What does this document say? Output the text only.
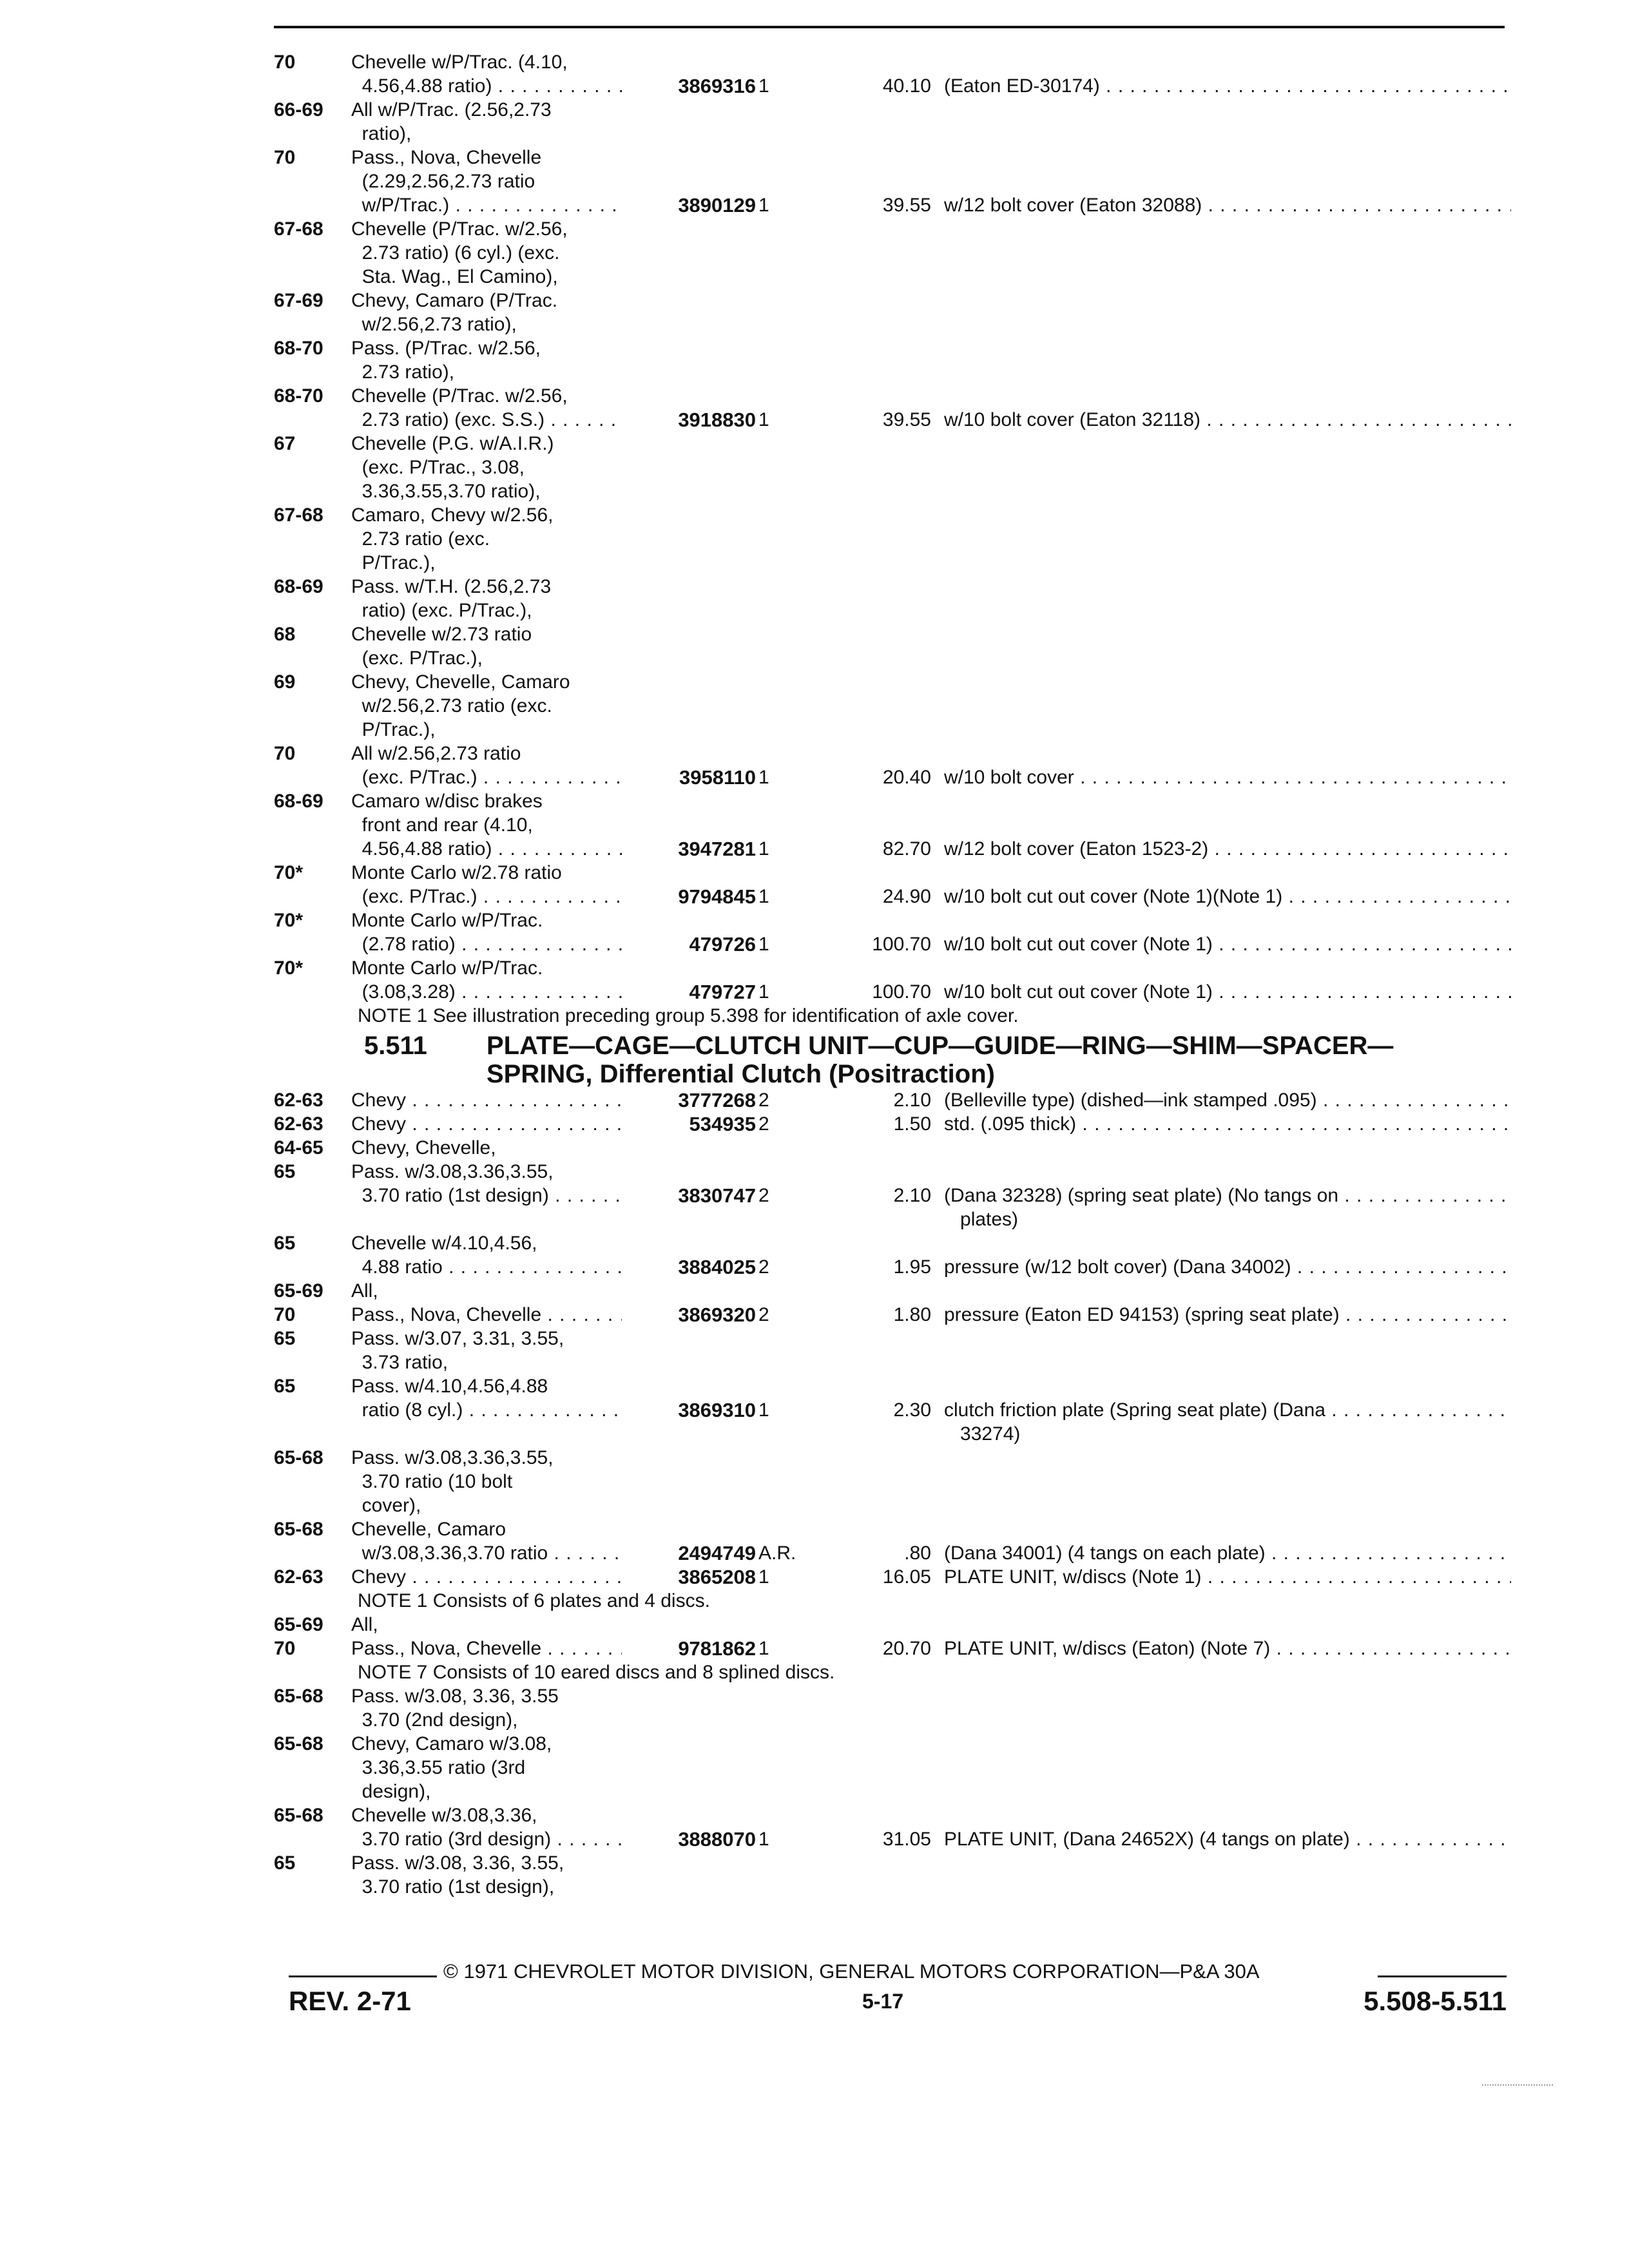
70	Chevelle w/P/Trac. (4.10,
4.56,4.88 ratio) . . .	3869316 1	40.10 (Eaton ED-30174) . . .
66-69	All w/P/Trac. (2.56,2.73
ratio),
70	Pass., Nova, Chevelle
(2.29,2.56,2.73 ratio
w/P/Trac.) . . .	3890129 1	39.55 w/12 bolt cover (Eaton 32088) . . .
67-68	Chevelle (P/Trac. w/2.56,
2.73 ratio) (6 cyl.) (exc.
Sta. Wag., El Camino),
67-69	Chevy, Camaro (P/Trac.
w/2.56,2.73 ratio),
68-70	Pass. (P/Trac. w/2.56,
2.73 ratio),
68-70	Chevelle (P/Trac. w/2.56,
2.73 ratio) (exc. S.S.) . . .	3918830 1	39.55 w/10 bolt cover (Eaton 32118) . . .
67	Chevelle (P.G. w/A.I.R.)
(exc. P/Trac., 3.08,
3.36,3.55,3.70 ratio),
67-68	Camaro, Chevy w/2.56,
2.73 ratio (exc.
P/Trac.),
68-69	Pass. w/T.H. (2.56,2.73
ratio) (exc. P/Trac.),
68	Chevelle w/2.73 ratio
(exc. P/Trac.),
69	Chevy, Chevelle, Camaro
w/2.56,2.73 ratio (exc.
P/Trac.),
70	All w/2.56,2.73 ratio
(exc. P/Trac.) . . .	3958110 1	20.40 w/10 bolt cover . . .
68-69	Camaro w/disc brakes
front and rear (4.10,
4.56,4.88 ratio) . . .	3947281 1	82.70 w/12 bolt cover (Eaton 1523-2) . . .
70*	Monte Carlo w/2.78 ratio
(exc. P/Trac.) . . .	9794845 1	24.90 w/10 bolt cut out cover (Note 1)(Note 1) . . .
70*	Monte Carlo w/P/Trac.
(2.78 ratio) . . .	479726 1	100.70 w/10 bolt cut out cover (Note 1) . . .
70*	Monte Carlo w/P/Trac.
(3.08,3.28) . . .	479727 1	100.70 w/10 bolt cut out cover (Note 1) . . .
NOTE 1 See illustration preceding group 5.398 for identification of axle cover.
5.511 PLATE—CAGE—CLUTCH UNIT—CUP—GUIDE—RING—SHIM—SPACER—
SPRING, Differential Clutch (Positraction)
62-63	Chevy . . .	3777268 2	2.10 (Belleville type) (dished—ink stamped .095) . . .
62-63	Chevy . . .	534935 2	1.50 std. (.095 thick) . . .
64-65	Chevy, Chevelle,
65	Pass. w/3.08,3.36,3.55,
3.70 ratio (1st design) . . .	3830747 2	2.10 (Dana 32328) (spring seat plate) (No tangs on . . .
plates)
65	Chevelle w/4.10,4.56,
4.88 ratio . . .	3884025 2	1.95 pressure (w/12 bolt cover) (Dana 34002) . . .
65-69	All,
70	Pass., Nova, Chevelle . . .	3869320 2	1.80 pressure (Eaton ED 94153) (spring seat plate) . . .
65	Pass. w/3.07, 3.31, 3.55,
3.73 ratio,
65	Pass. w/4.10,4.56,4.88
ratio (8 cyl.) . . .	3869310 1	2.30 clutch friction plate (Spring seat plate) (Dana . . .
33274)
65-68	Pass. w/3.08,3.36,3.55,
3.70 ratio (10 bolt
cover),
65-68	Chevelle, Camaro
w/3.08,3.36,3.70 ratio . . .	2494749 A.R.	.80 (Dana 34001) (4 tangs on each plate) . . .
62-63	Chevy . . .	3865208 1	16.05 PLATE UNIT, w/discs (Note 1) . . .
NOTE 1 Consists of 6 plates and 4 discs.
65-69	All,
70	Pass., Nova, Chevelle . . .	9781862 1	20.70 PLATE UNIT, w/discs (Eaton) (Note 7) . . .
NOTE 7 Consists of 10 eared discs and 8 splined discs.
65-68	Pass. w/3.08, 3.36, 3.55
3.70 (2nd design),
65-68	Chevy, Camaro w/3.08,
3.36,3.55 ratio (3rd
design),
65-68	Chevelle w/3.08,3.36,
3.70 ratio (3rd design) . . .	3888070 1	31.05 PLATE UNIT, (Dana 24652X) (4 tangs on plate) . . .
65	Pass. w/3.08, 3.36, 3.55,
3.70 ratio (1st design),
© 1971 CHEVROLET MOTOR DIVISION, GENERAL MOTORS CORPORATION—P&A 30A
REV. 2-71	5-17	5.508-5.511
